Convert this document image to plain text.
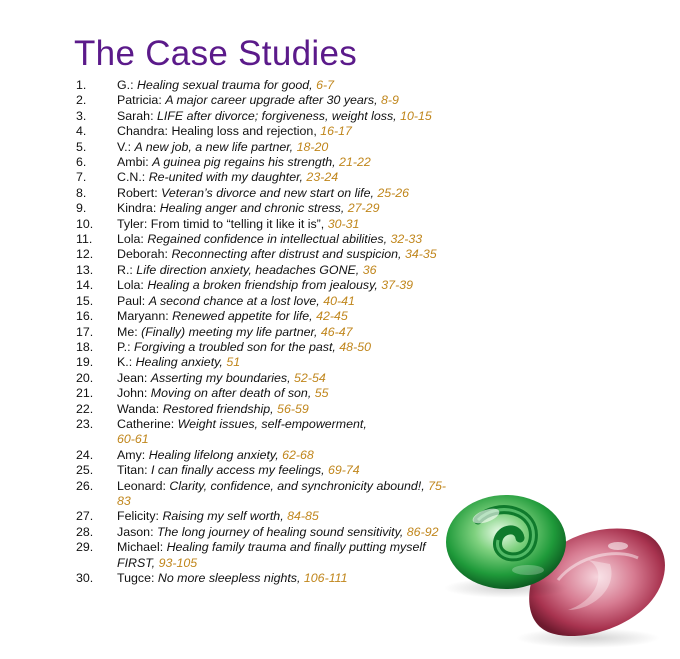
The Case Studies
1.	G.: Healing sexual trauma for good, 6-7
2.	Patricia: A major career upgrade after 30 years, 8-9
3.	Sarah: LIFE after divorce; forgiveness, weight loss, 10-15
4.	Chandra: Healing loss and rejection, 16-17
5.	V.: A new job, a new life partner, 18-20
6.	Ambi: A guinea pig regains his strength, 21-22
7.	C.N.: Re-united with my daughter, 23-24
8.	Robert: Veteran’s divorce and new start on life, 25-26
9.	Kindra: Healing anger and chronic stress, 27-29
10.	Tyler: From timid to “telling it like it is”, 30-31
11.	Lola: Regained confidence in intellectual abilities, 32-33
12.	Deborah: Reconnecting after distrust and suspicion, 34-35
13.	R.: Life direction anxiety, headaches GONE, 36
14.	Lola: Healing a broken friendship from jealousy, 37-39
15.	Paul: A second chance at a lost love, 40-41
16.	Maryann: Renewed appetite for life, 42-45
17.	Me: (Finally) meeting my life partner, 46-47
18.	P.: Forgiving a troubled son for the past, 48-50
19.	K.: Healing anxiety, 51
20.	Jean: Asserting my boundaries, 52-54
21.	John: Moving on after death of son, 55
22.	Wanda: Restored friendship, 56-59
23.	Catherine: Weight issues, self-empowerment,
60-61
24.	Amy: Healing lifelong anxiety, 62-68
25.	Titan: I can finally access my feelings, 69-74
26.	Leonard: Clarity, confidence, and synchronicity abound!, 75-83
27.	Felicity: Raising my self worth, 84-85
28.	Jason: The long journey of healing sound sensitivity, 86-92
29.	Michael: Healing family trauma and finally putting myself FIRST, 93-105
30.	Tugce: No more sleepless nights, 106-111
